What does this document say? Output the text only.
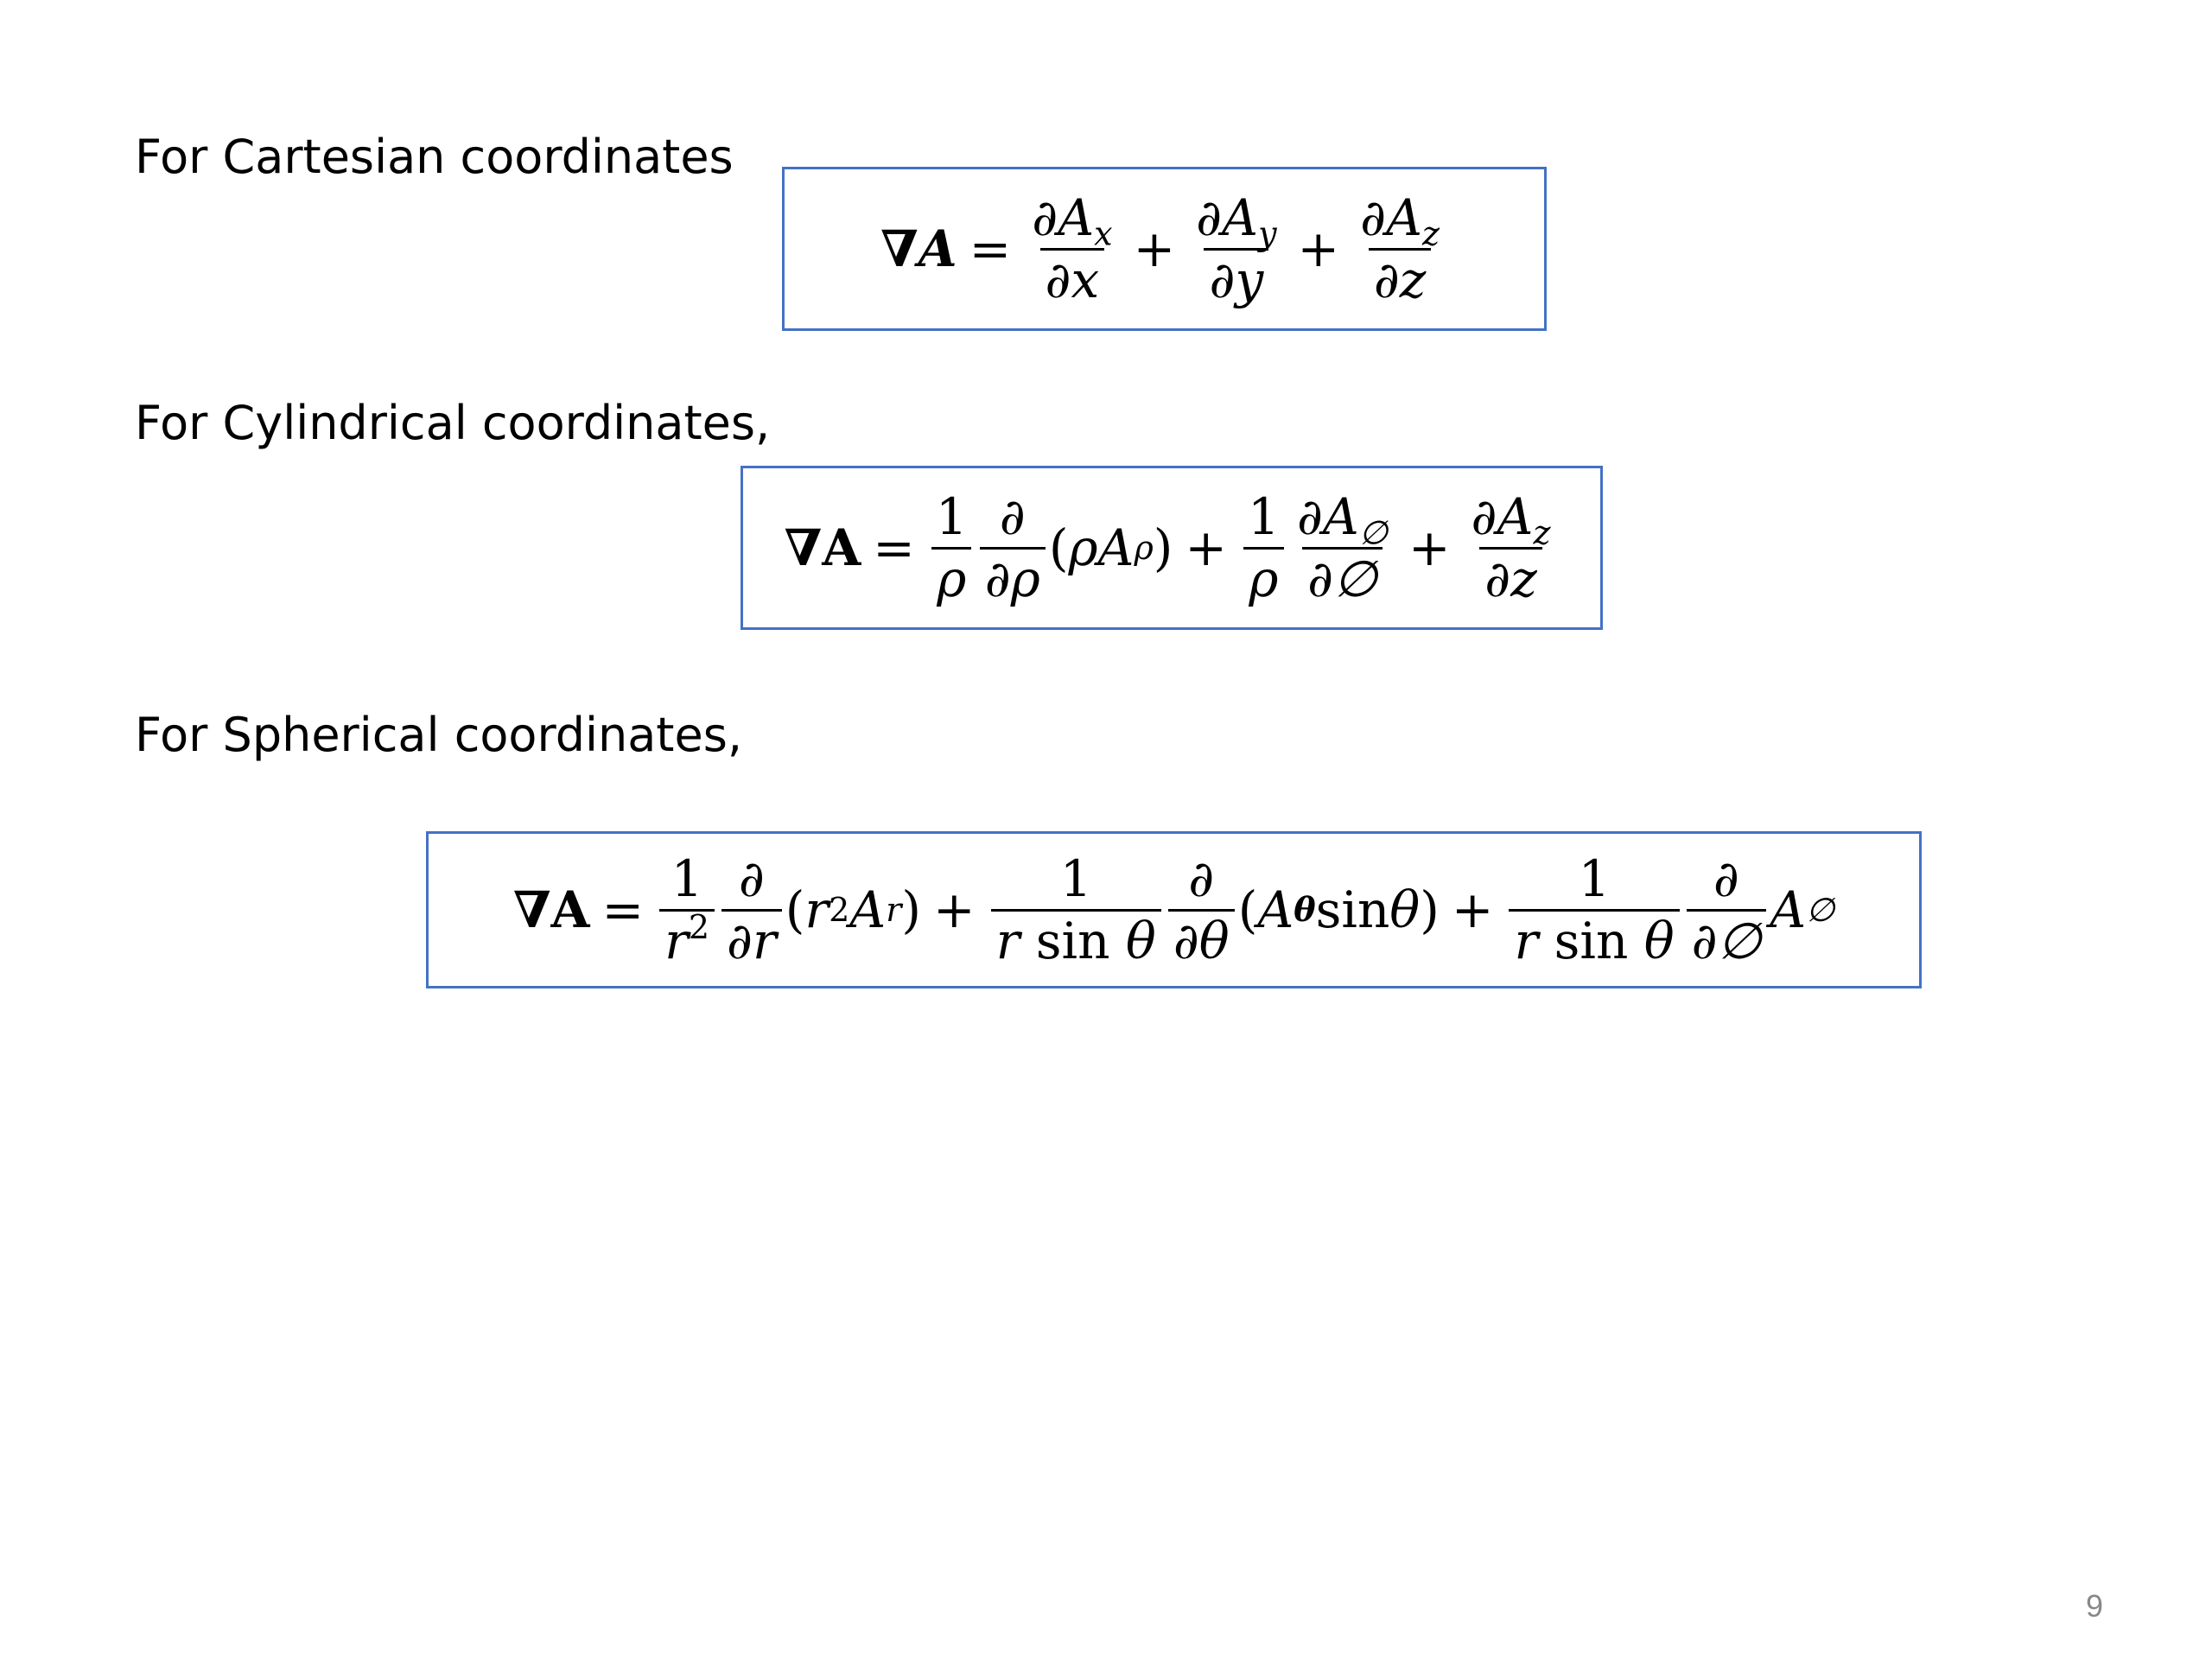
For Cartesian coordinates
∇ $A = \frac{\partial A_x}{\partial x} + \frac{\partial A_y}{\partial y} + \frac{\partial A_z}{\partial z}$
For Cylindrical coordinates,
$\nabla A = \frac{1}{\rho} \frac{\partial}{\partial\rho}$ ( ρA ρ ) + $\frac{1}{\rho} \frac{\partial A_\emptyset}{\partial\emptyset} + \frac{\partial A_z}{\partial z}$
For Spherical coordinates,
$\nabla A = \frac{1}{r^2} \frac{\partial}{\partial r}$ ( r 2 A r ) + $\frac{1}{\text{r sin θ}} \frac{\partial}{\partial\theta}$ ( A θ sin θ ) + $\frac{1}{\text{r sin θ}} \frac{\partial}{\partial\emptyset}$ A ∅
9
